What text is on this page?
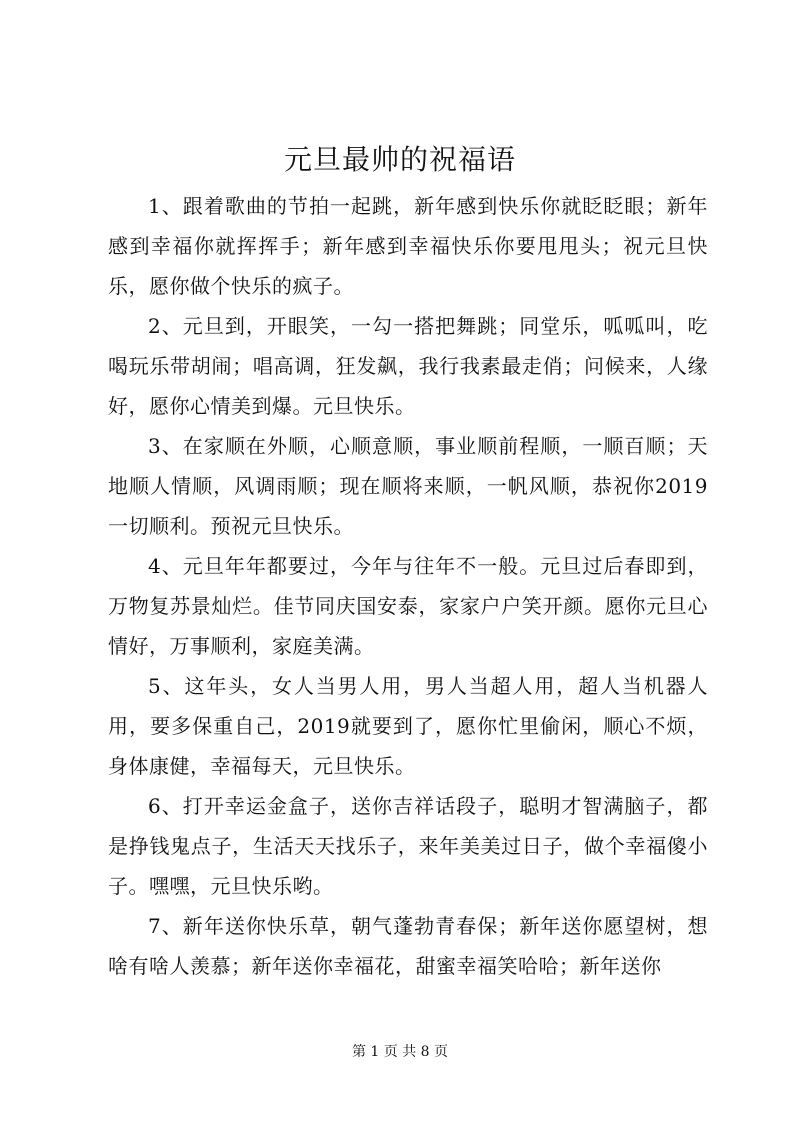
元旦最帅的祝福语

1、跟着歌曲的节拍一起跳，新年感到快乐你就眨眨眼；新年感到幸福你就挥挥手；新年感到幸福快乐你要甩甩头；祝元旦快乐，愿你做个快乐的疯子。

2、元旦到，开眼笑，一勾一搭把舞跳；同堂乐，呱呱叫，吃喝玩乐带胡闹；唱高调，狂发飙，我行我素最走俏；问候来，人缘好，愿你心情美到爆。元旦快乐。

3、在家顺在外顺，心顺意顺，事业顺前程顺，一顺百顺；天地顺人情顺，风调雨顺；现在顺将来顺，一帆风顺，恭祝你2019一切顺利。预祝元旦快乐。

4、元旦年年都要过，今年与往年不一般。元旦过后春即到，万物复苏景灿烂。佳节同庆国安泰，家家户户笑开颜。愿你元旦心情好，万事顺利，家庭美满。

5、这年头，女人当男人用，男人当超人用，超人当机器人用，要多保重自己，2019就要到了，愿你忙里偷闲，顺心不烦，身体康健，幸福每天，元旦快乐。

6、打开幸运金盒子，送你吉祥话段子，聪明才智满脑子，都是挣钱鬼点子，生活天天找乐子，来年美美过日子，做个幸福傻小子。嘿嘿，元旦快乐哟。

7、新年送你快乐草，朝气蓬勃青春保；新年送你愿望树，想啥有啥人羡慕；新年送你幸福花，甜蜜幸福笑哈哈；新年送你

第 1 页 共 8 页
